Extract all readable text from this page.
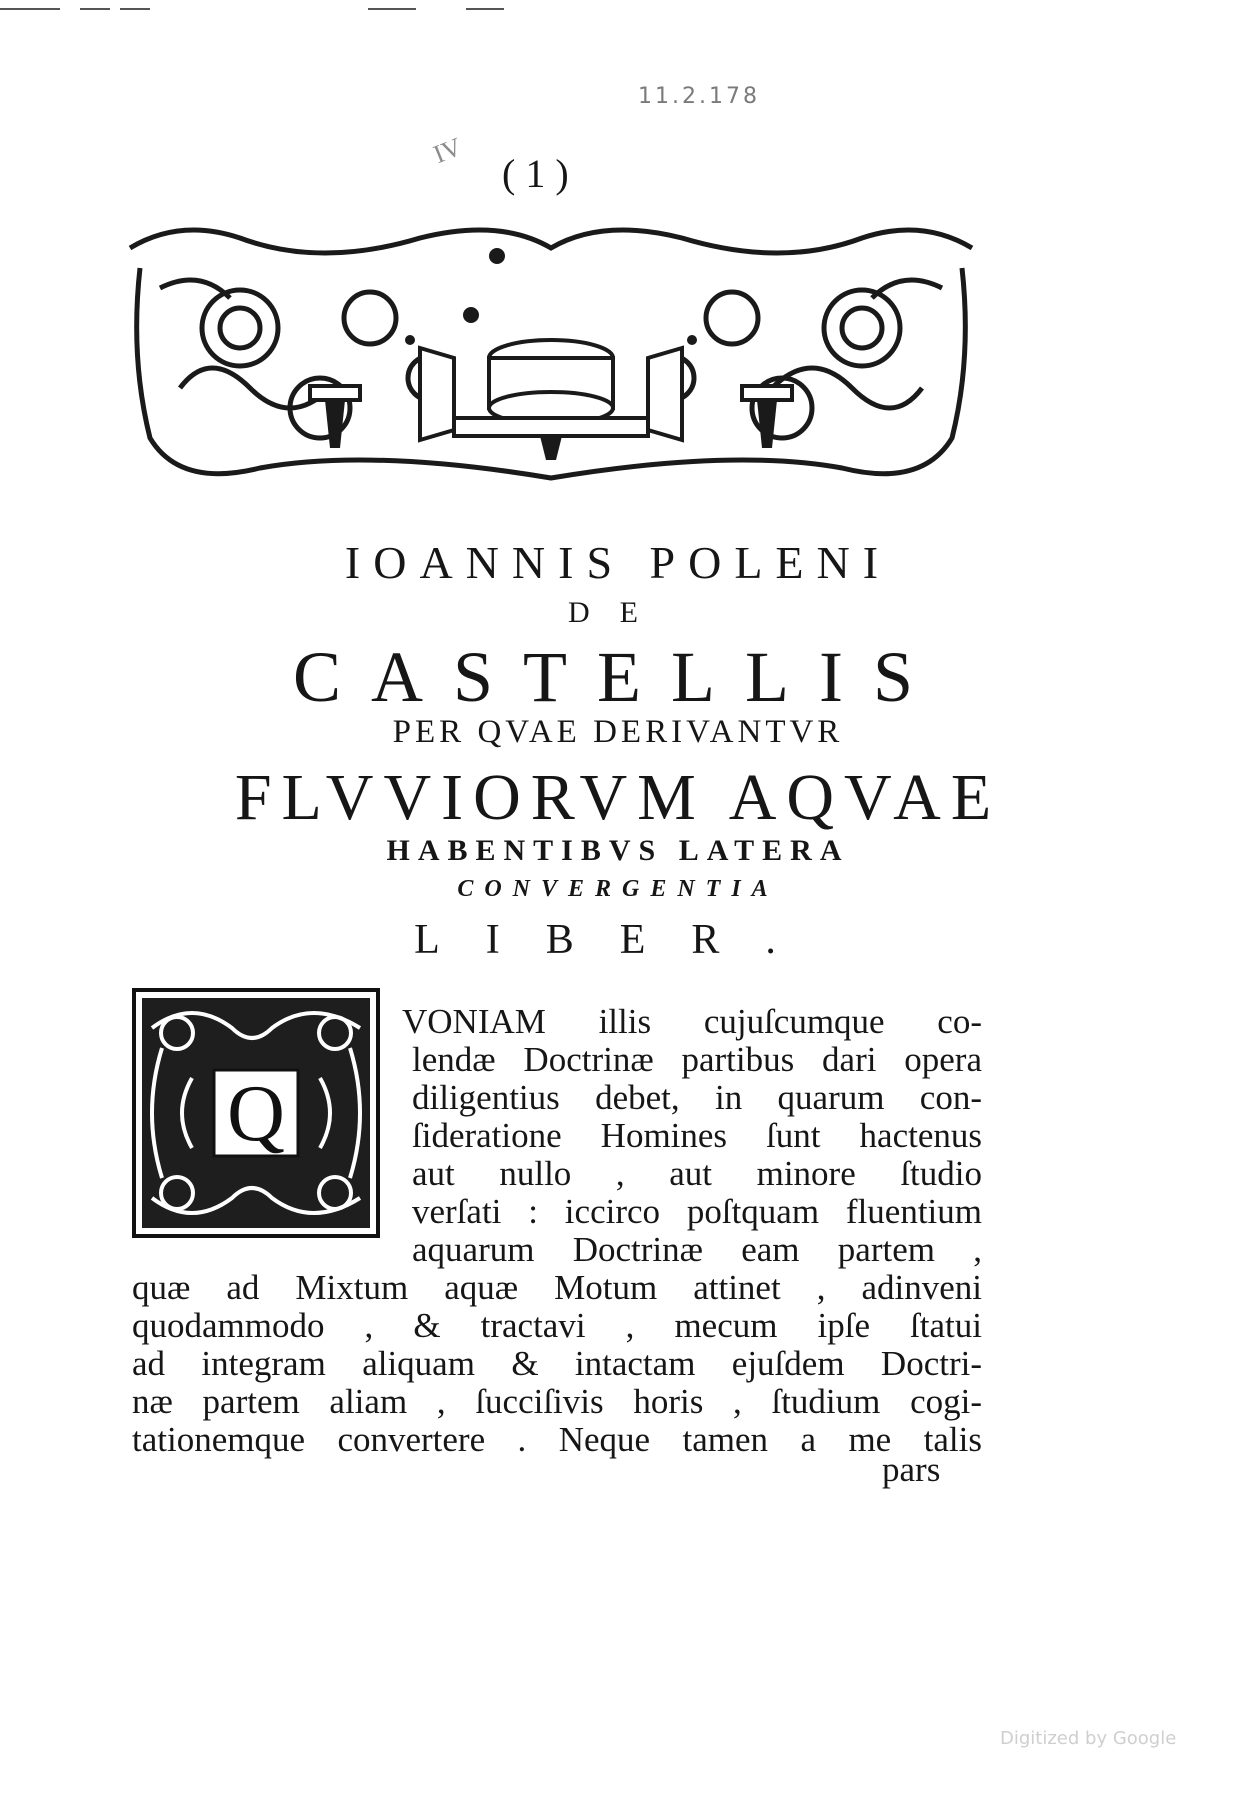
11.2.178
IV
( 1 )
IOANNIS POLENI
DE
CASTELLIS
PER QVAE DERIVANTVR
FLVVIORVM AQVAE
HABENTIBVS LATERA
CONVERGENTIA
LIBER.
Q
VONIAM illis cujuſcumque co-
lendæ Doctrinæ partibus dari opera
diligentius debet, in quarum con-
ſideratione Homines ſunt hactenus
aut nullo , aut minore ſtudio
verſati : iccirco poſtquam fluentium
aquarum Doctrinæ eam partem ,
quæ ad Mixtum aquæ Motum attinet , adinveni
quodammodo , & tractavi , mecum ipſe ſtatui
ad integram aliquam & intactam ejuſdem Doctri-
næ partem aliam , ſucciſivis horis , ſtudium cogi-
tationemque convertere . Neque tamen a me talis
pars
Digitized by Google
